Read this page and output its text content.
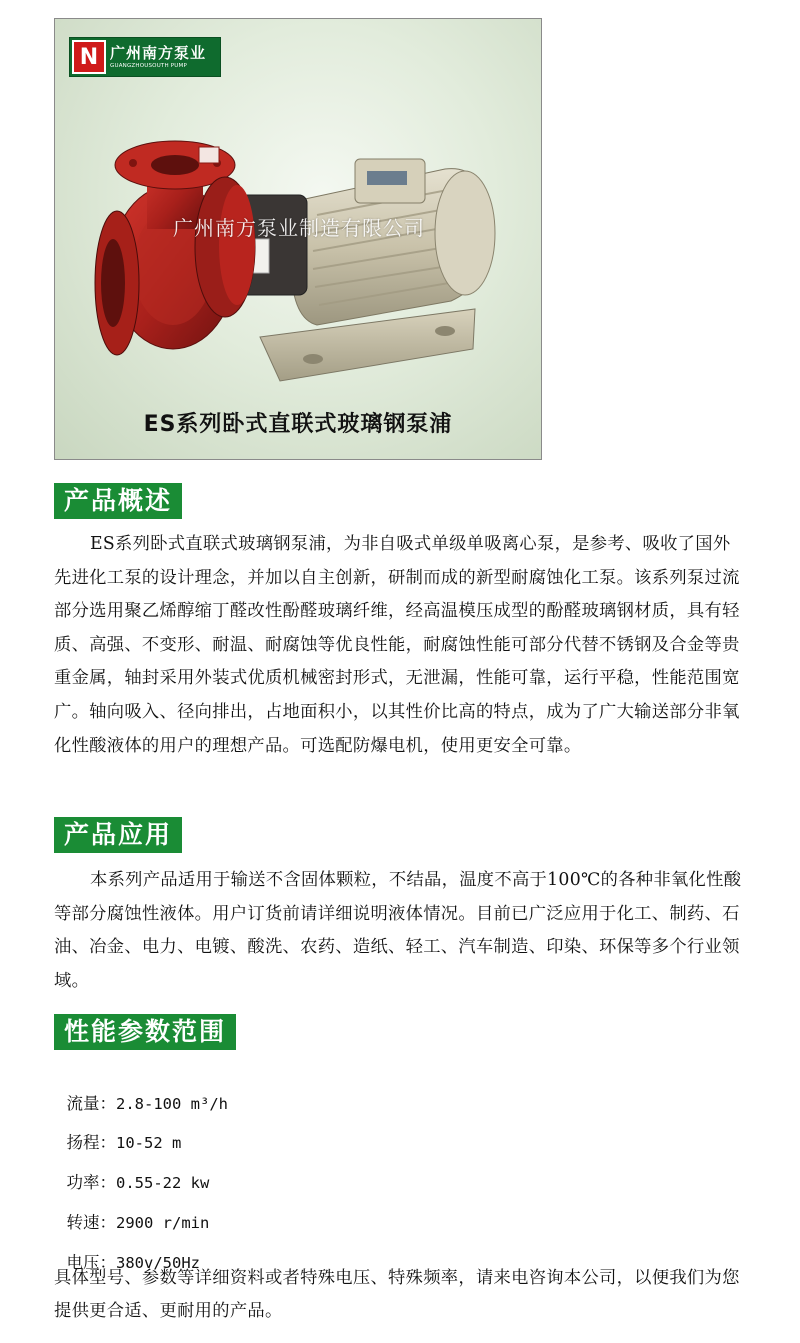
N 广州南方泵业
GUANGZHOUSOUTH PUMP
广州南方泵业制造有限公司
ES系列卧式直联式玻璃钢泵浦
产品概述

ES系列卧式直联式玻璃钢泵浦，为非自吸式单级单吸离心泵，是参考、吸收了国外先进化工泵的设计理念，并加以自主创新，研制而成的新型耐腐蚀化工泵。该系列泵过流部分选用聚乙烯醇缩丁醛改性酚醛玻璃纤维，经高温模压成型的酚醛玻璃钢材质，具有轻质、高强、不变形、耐温、耐腐蚀等优良性能，耐腐蚀性能可部分代替不锈钢及合金等贵重金属，轴封采用外装式优质机械密封形式，无泄漏，性能可靠，运行平稳，性能范围宽广。轴向吸入、径向排出，占地面积小，以其性价比高的特点，成为了广大输送部分非氧化性酸液体的用户的理想产品。可选配防爆电机，使用更安全可靠。

产品应用

本系列产品适用于输送不含固体颗粒，不结晶，温度不高于100℃的各种非氧化性酸等部分腐蚀性液体。用户订货前请详细说明液体情况。目前已广泛应用于化工、制药、石油、冶金、电力、电镀、酸洗、农药、造纸、轻工、汽车制造、印染、环保等多个行业领域。

性能参数范围

流量：2.8-100 m³/h

扬程：10-52 m

功率：0.55-22 kw

转速：2900 r/min

电压：380v/50Hz

具体型号、参数等详细资料或者特殊电压、特殊频率，请来电咨询本公司，以便我们为您提供更合适、更耐用的产品。
